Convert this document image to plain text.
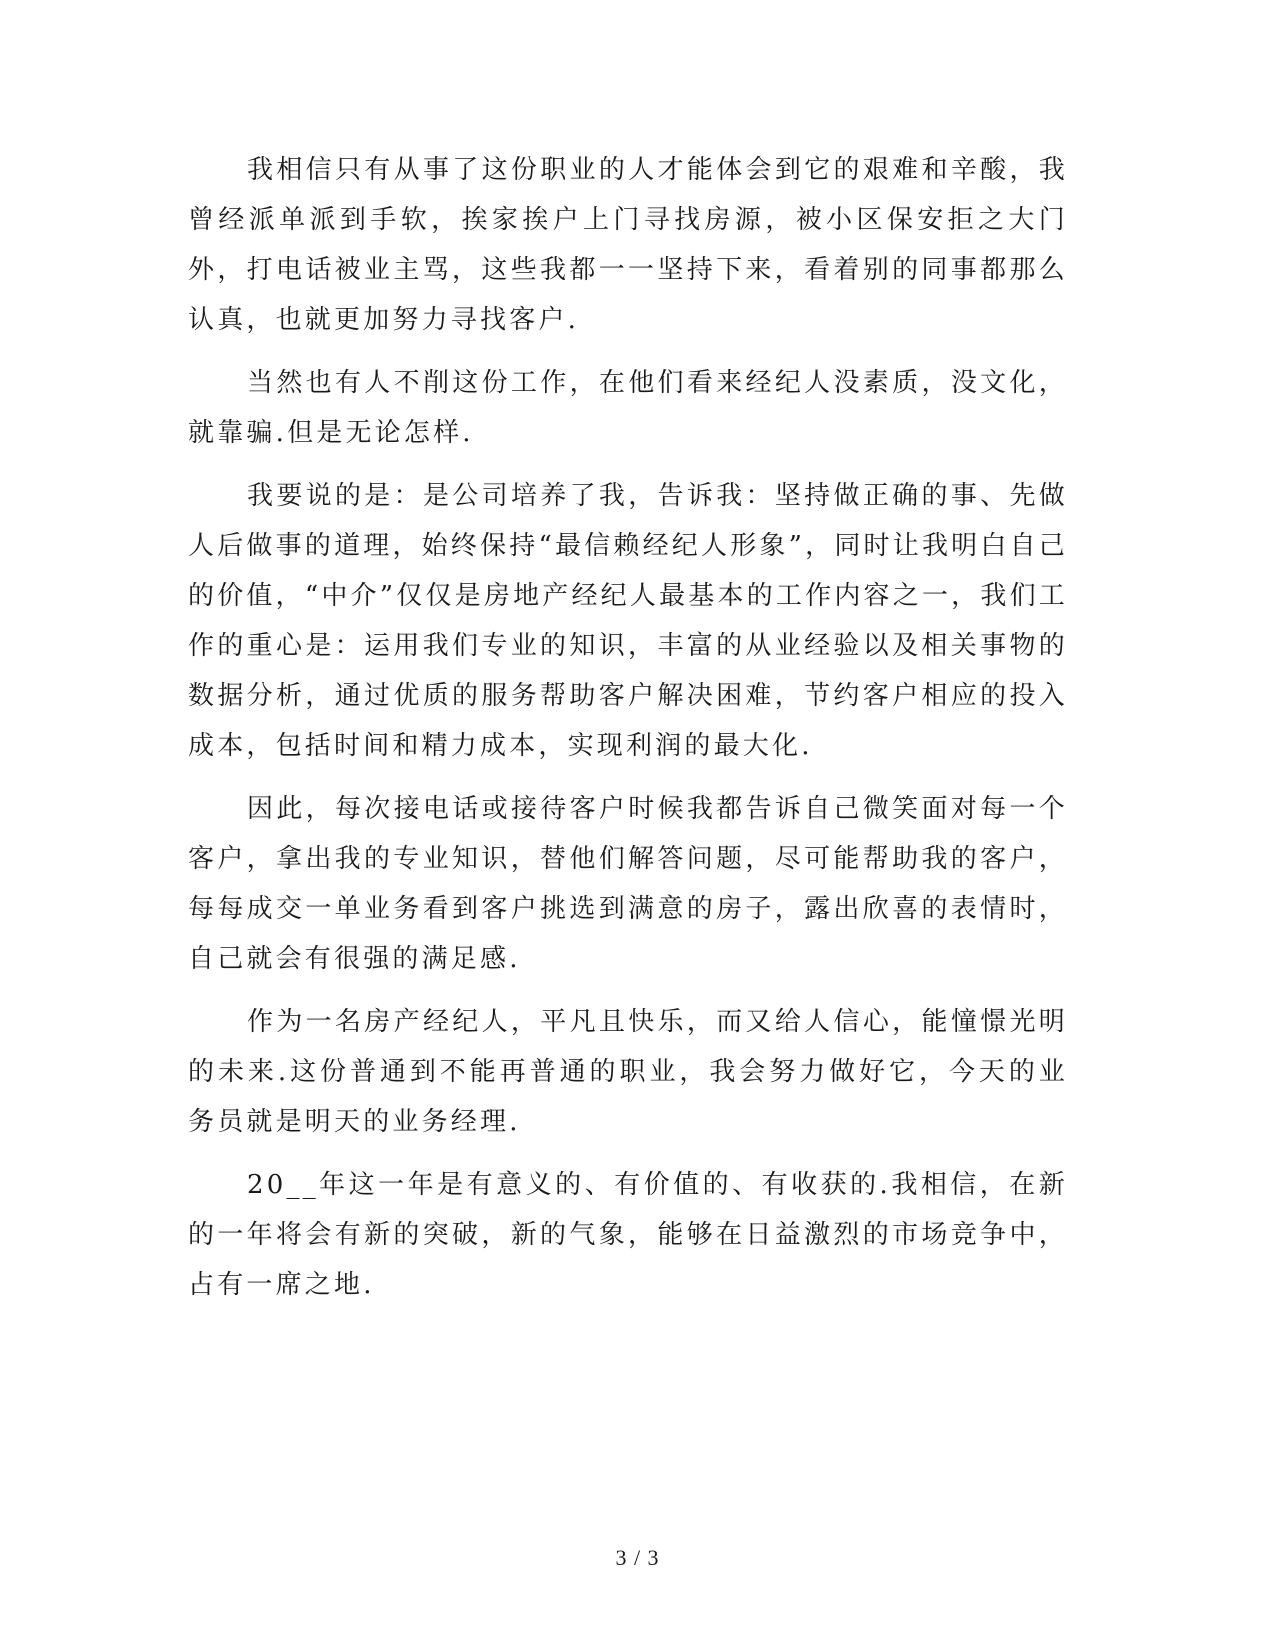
我相信只有从事了这份职业的人才能体会到它的艰难和辛酸，我曾经派单派到手软，挨家挨户上门寻找房源，被小区保安拒之大门外，打电话被业主骂，这些我都一一坚持下来，看着别的同事都那么认真，也就更加努力寻找客户.

当然也有人不削这份工作，在他们看来经纪人没素质，没文化，就靠骗.但是无论怎样.

我要说的是：是公司培养了我，告诉我：坚持做正确的事、先做人后做事的道理，始终保持“最信赖经纪人形象”，同时让我明白自己的价值，“中介”仅仅是房地产经纪人最基本的工作内容之一，我们工作的重心是：运用我们专业的知识，丰富的从业经验以及相关事物的数据分析，通过优质的服务帮助客户解决困难，节约客户相应的投入成本，包括时间和精力成本，实现利润的最大化.

因此，每次接电话或接待客户时候我都告诉自己微笑面对每一个客户，拿出我的专业知识，替他们解答问题，尽可能帮助我的客户，每每成交一单业务看到客户挑选到满意的房子，露出欣喜的表情时，自己就会有很强的满足感.

作为一名房产经纪人，平凡且快乐，而又给人信心，能憧憬光明的未来.这份普通到不能再普通的职业，我会努力做好它，今天的业务员就是明天的业务经理.

20__年这一年是有意义的、有价值的、有收获的.我相信，在新的一年将会有新的突破，新的气象，能够在日益激烈的市场竞争中， 占有一席之地.

3 / 3
